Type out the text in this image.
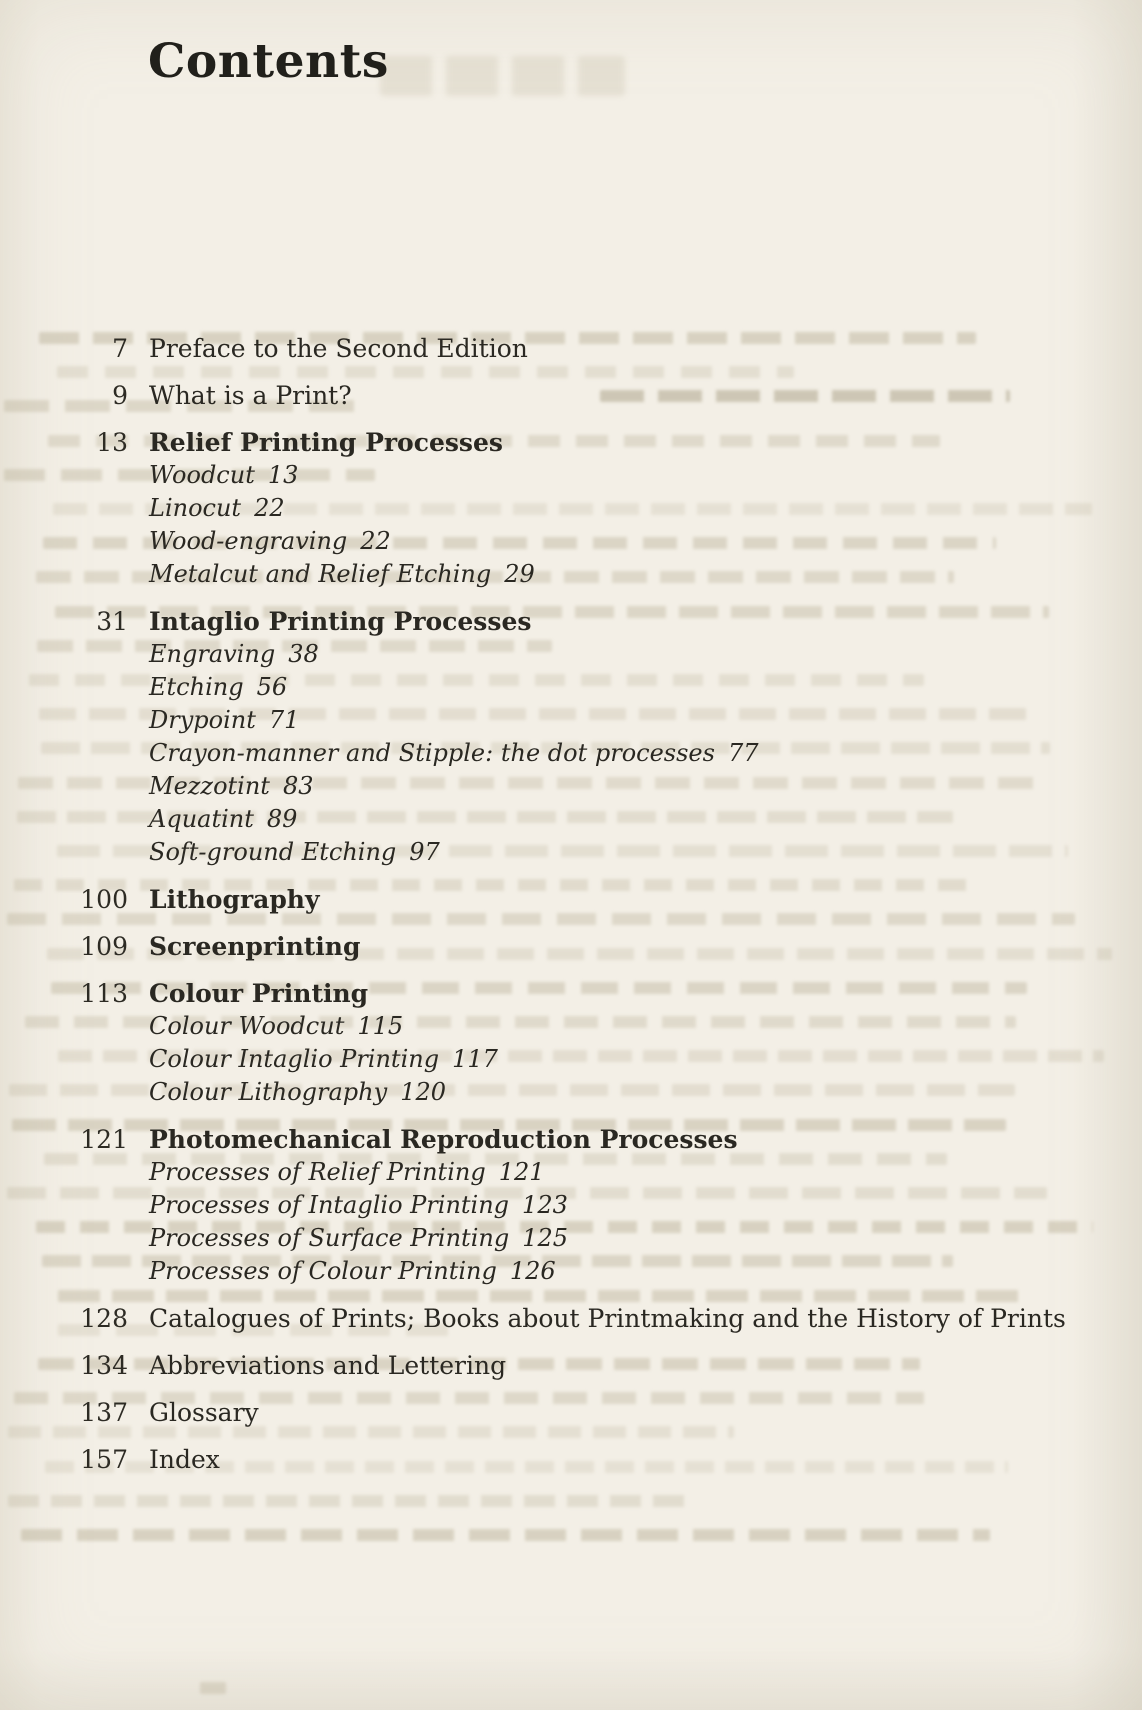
Contents
7 Preface to the Second Edition
9 What is a Print?
13 Relief Printing Processes
Woodcut 13
Linocut 22
Wood-engraving 22
Metalcut and Relief Etching 29
31 Intaglio Printing Processes
Engraving 38
Etching 56
Drypoint 71
Crayon-manner and Stipple: the dot processes 77
Mezzotint 83
Aquatint 89
Soft-ground Etching 97
100 Lithography
109 Screenprinting
113 Colour Printing
Colour Woodcut 115
Colour Intaglio Printing 117
Colour Lithography 120
121 Photomechanical Reproduction Processes
Processes of Relief Printing 121
Processes of Intaglio Printing 123
Processes of Surface Printing 125
Processes of Colour Printing 126
128 Catalogues of Prints; Books about Printmaking and the History of Prints
134 Abbreviations and Lettering
137 Glossary
157 Index
